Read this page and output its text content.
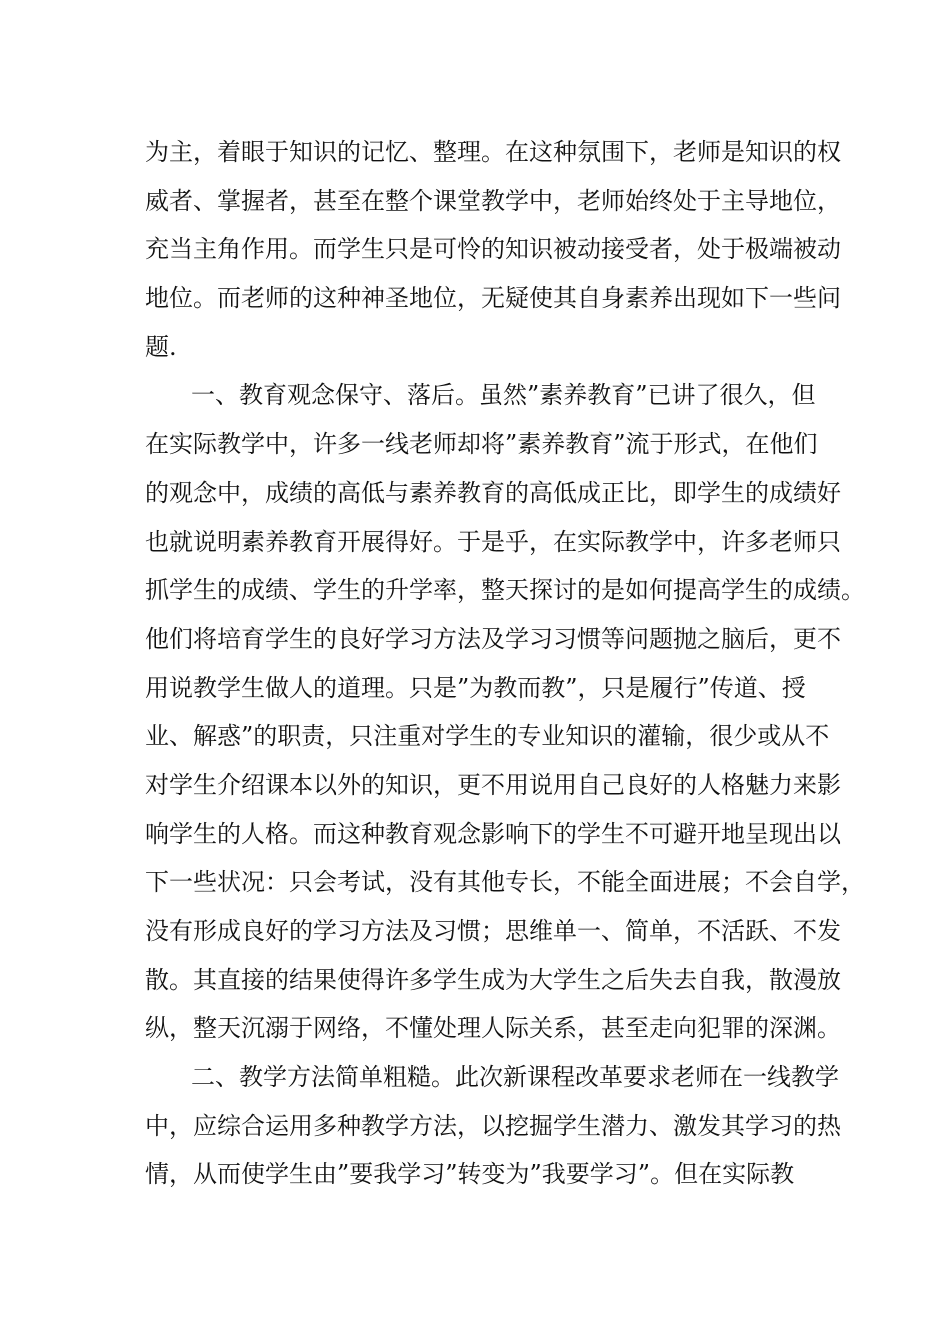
为主，着眼于知识的记忆、整理。在这种氛围下，老师是知识的权
威者、掌握者，甚至在整个课堂教学中，老师始终处于主导地位，
充当主角作用。而学生只是可怜的知识被动接受者，处于极端被动
地位。而老师的这种神圣地位，无疑使其自身素养出现如下一些问
题.
一、教育观念保守、落后。虽然”素养教育”已讲了很久，但
在实际教学中，许多一线老师却将”素养教育”流于形式，在他们
的观念中，成绩的高低与素养教育的高低成正比，即学生的成绩好
也就说明素养教育开展得好。于是乎，在实际教学中，许多老师只
抓学生的成绩、学生的升学率，整天探讨的是如何提高学生的成绩。
他们将培育学生的良好学习方法及学习习惯等问题抛之脑后，更不
用说教学生做人的道理。只是”为教而教”，只是履行”传道、授
业、解惑”的职责，只注重对学生的专业知识的灌输，很少或从不
对学生介绍课本以外的知识，更不用说用自己良好的人格魅力来影
响学生的人格。而这种教育观念影响下的学生不可避开地呈现出以
下一些状况：只会考试，没有其他专长，不能全面进展；不会自学，
没有形成良好的学习方法及习惯；思维单一、简单，不活跃、不发
散。其直接的结果使得许多学生成为大学生之后失去自我，散漫放
纵，整天沉溺于网络，不懂处理人际关系，甚至走向犯罪的深渊。
二、教学方法简单粗糙。此次新课程改革要求老师在一线教学
中，应综合运用多种教学方法，以挖掘学生潜力、激发其学习的热
情，从而使学生由”要我学习”转变为”我要学习”。但在实际教
